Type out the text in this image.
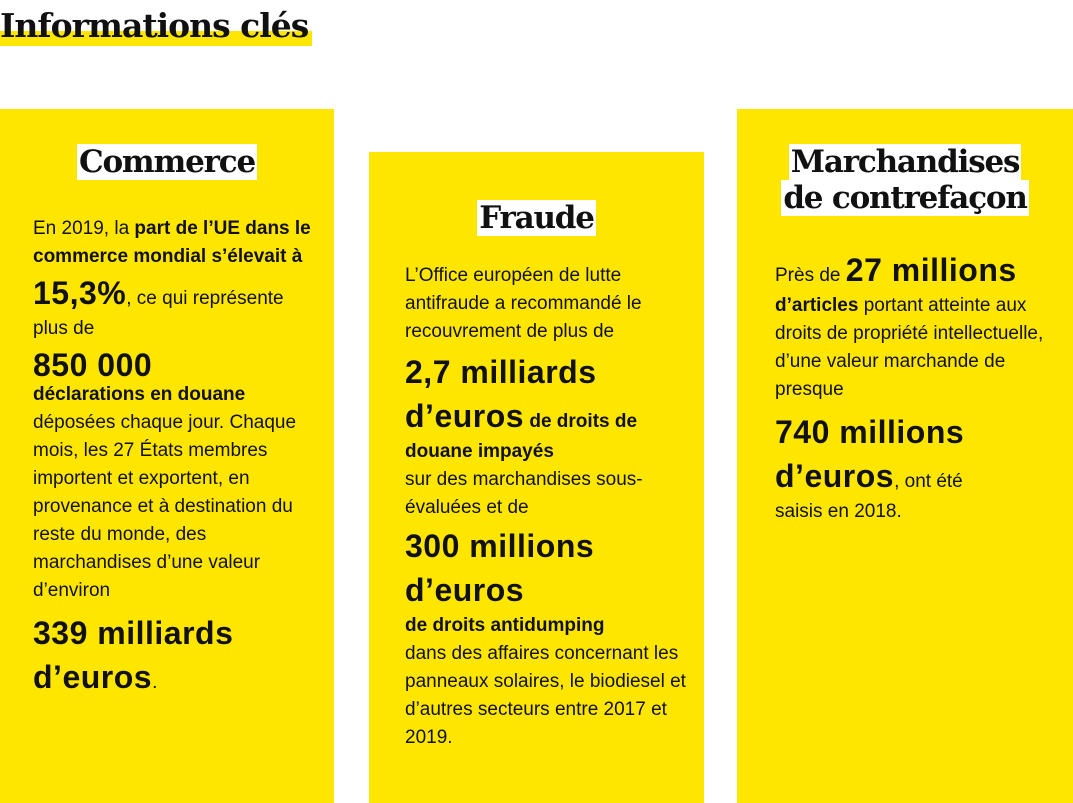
Informations clés
Commerce
En 2019, la part de l’UE dans le commerce mondial s’élevait à
15,3%, ce qui représente plus de
850 000
déclarations en douane
déposées chaque jour. Chaque mois, les 27 États membres importent et exportent, en provenance et à destination du reste du monde, des marchandises d’une valeur d’environ
339 milliards d’euros.
Fraude
L’Office européen de lutte antifraude a recommandé le recouvrement de plus de
2,7 milliards d’euros de droits de douane impayés
sur des marchandises sous-évaluées et de
300 millions d’euros
de droits antidumping
dans des affaires concernant les panneaux solaires, le biodiesel et d’autres secteurs entre 2017 et 2019.
Marchandises
de contrefaçon
Près de 27 millions
d’articles portant atteinte aux droits de propriété intellectuelle, d’une valeur marchande de presque
740 millions d’euros, ont été saisis en 2018.
